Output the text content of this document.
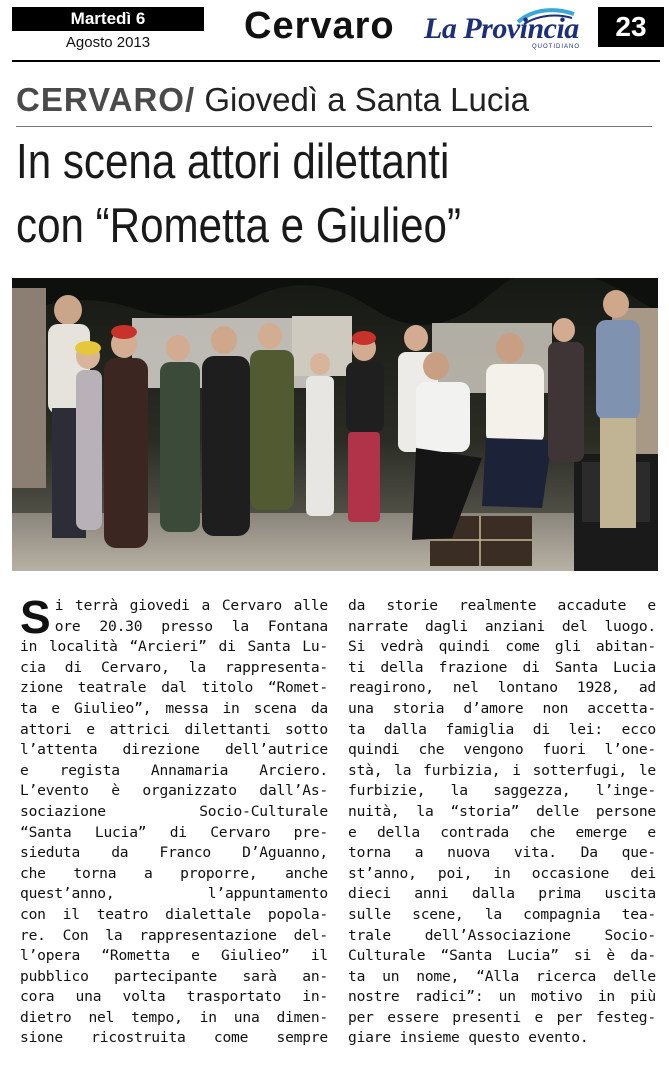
Martedì 6
Agosto 2013	Cervaro La Provincia
QUOTIDIANO
23
CERVARO/ Giovedì a Santa Lucia
In scena attori dilettanti
con “Rometta e Giulieo”
S i terrà giovedi a Cervaro alle
ore 20.30 presso la Fontana
in località “Arcieri” di Santa Lu-
cia di Cervaro, la rappresenta-
zione teatrale dal titolo “Romet-
ta e Giulieo”, messa in scena da
attori e attrici dilettanti sotto
l’attenta direzione dell’autrice
e regista Annamaria Arciero.
L’evento è organizzato dall’As-
sociazione Socio-Culturale
“Santa Lucia” di Cervaro pre-
sieduta da Franco D’Aguanno,
che torna a proporre, anche
quest’anno, l’appuntamento
con il teatro dialettale popola-
re. Con la rappresentazione del-
l’opera “Rometta e Giulieo” il
pubblico partecipante sarà an-
cora una volta trasportato in-
dietro nel tempo, in una dimen-
sione ricostruita come sempre
da storie realmente accadute e
narrate dagli anziani del luogo.
Si vedrà quindi come gli abitan-
ti della frazione di Santa Lucia
reagirono, nel lontano 1928, ad
una storia d’amore non accetta-
ta dalla famiglia di lei: ecco
quindi che vengono fuori l’one-
stà, la furbizia, i sotterfugi, le
furbizie, la saggezza, l’inge-
nuità, la “storia” delle persone
e della contrada che emerge e
torna a nuova vita. Da que-
st’anno, poi, in occasione dei
dieci anni dalla prima uscita
sulle scene, la compagnia tea-
trale dell’Associazione Socio-
Culturale “Santa Lucia” si è da-
ta un nome, “Alla ricerca delle
nostre radici”: un motivo in più
per essere presenti e per festeg-
giare insieme questo evento.
